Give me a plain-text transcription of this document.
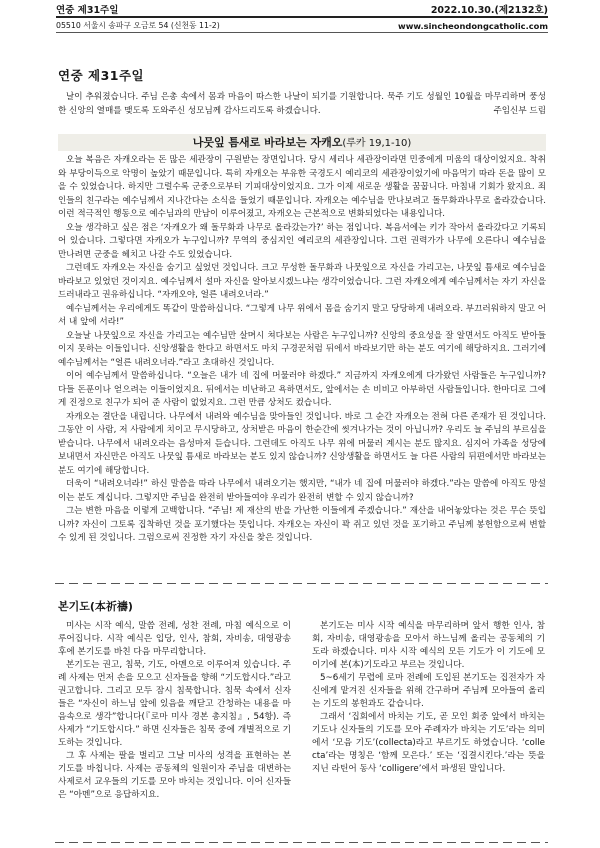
연중 제31주일	2022.10.30.(제2132호)
05510 서울시 송파구 오금로 54 (신천동 11-2)	www.sincheondongcatholic.com
연중 제31주일

날이 추워졌습니다. 주님 은총 속에서 몸과 마음이 따스한 나날이 되기를 기원합니다. 묵주 기도 성월인 10월을 마무리하며 풍성한 신앙의 열매를 맺도록 도와주신 성모님께 감사드리도록 하겠습니다.	주임신부 드림

나뭇잎 틈새로 바라보는 자캐오(루카 19,1-10)

오늘 복음은 자캐오라는 돈 많은 세관장이 구원받는 장면입니다. 당시 세리나 세관장이라면 민중에게 미움의 대상이었지요. 착취와 부당이득으로 악명이 높았기 때문입니다. 특히 자캐오는 부유한 국경도시 예리코의 세관장이었기에 마음먹기 따라 돈을 많이 모을 수 있었습니다. 하지만 그럴수록 군중으로부터 기피대상이었지요. 그가 이제 새로운 생활을 꿈꿉니다. 마침내 기회가 왔지요. 죄인들의 친구라는 예수님께서 지나간다는 소식을 들었기 때문입니다. 자캐오는 예수님을 만나보려고 돌무화과나무로 올라갔습니다. 이런 적극적인 행동으로 예수님과의 만남이 이루어졌고, 자캐오는 근본적으로 변화되었다는 내용입니다.

오늘 생각하고 싶은 점은 ‘자캐오가 왜 돌무화과 나무로 올라갔는가?’ 하는 점입니다. 복음서에는 키가 작아서 올라갔다고 기록되어 있습니다. 그렇다면 자캐오가 누구입니까? 무역의 중심지인 예리코의 세관장입니다. 그런 권력가가 나무에 오른다니 예수님을 만나려면 군중을 헤치고 나갈 수도 있었습니다.

그런데도 자캐오는 자신을 숨기고 싶었던 것입니다. 크고 무성한 돌무화과 나뭇잎으로 자신을 가리고는, 나뭇잎 틈새로 예수님을 바라보고 있었던 것이지요. 예수님께서 설마 자신을 알아보시겠느냐는 생각이었습니다. 그런 자캐오에게 예수님께서는 자기 자신을 드러내라고 권유하십니다. “자캐오야, 얼른 내려오너라.”

예수님께서는 우리에게도 똑같이 말씀하십니다. “그렇게 나무 위에서 몸을 숨기지 말고 당당하게 내려오라. 부끄러워하지 말고 어서 내 앞에 서라!”

오늘날 나뭇잎으로 자신을 가리고는 예수님만 살며시 쳐다보는 사람은 누구입니까? 신앙의 중요성을 잘 알면서도 아직도 받아들이지 못하는 이들입니다. 신앙생활을 한다고 하면서도 마치 구경꾼처럼 뒤에서 바라보기만 하는 분도 여기에 해당하지요. 그러기에 예수님께서는 “얼른 내려오너라.”라고 초대하신 것입니다.

이어 예수님께서 말씀하십니다. “오늘은 내가 네 집에 머물러야 하겠다.” 지금까지 자캐오에게 다가왔던 사람들은 누구입니까? 다들 돈푼이나 얻으려는 이들이었지요. 뒤에서는 비난하고 욕하면서도, 앞에서는 손 비비고 아부하던 사람들입니다. 한마디로 그에게 진정으로 친구가 되어 준 사람이 없었지요. 그런 만큼 상처도 컸습니다.

자캐오는 결단을 내립니다. 나무에서 내려와 예수님을 맞아들인 것입니다. 바로 그 순간 자캐오는 전혀 다른 존재가 된 것입니다. 그동안 이 사람, 저 사람에게 치이고 무시당하고, 상처받은 마음이 한순간에 씻겨나가는 것이 아닙니까? 우리도 늘 주님의 부르심을 받습니다. 나무에서 내려오라는 음성마저 듣습니다. 그런데도 아직도 나무 위에 머물러 계시는 분도 많지요. 심지어 가족을 성당에 보내면서 자신만은 아직도 나뭇잎 틈새로 바라보는 분도 있지 않습니까? 신앙생활을 하면서도 늘 다른 사람의 뒤편에서만 바라보는 분도 여기에 해당합니다.

더욱이 “내려오너라!” 하신 말씀을 따라 나무에서 내려오기는 했지만, “내가 네 집에 머물러야 하겠다.”라는 말씀에 아직도 망설이는 분도 계십니다. 그렇지만 주님을 완전히 받아들여야 우리가 완전히 변할 수 있지 않습니까?

그는 변한 마음을 이렇게 고백합니다. “주님! 제 재산의 반을 가난한 이들에게 주겠습니다.” 재산을 내어놓았다는 것은 무슨 뜻입니까? 자신이 그토록 집착하던 것을 포기했다는 뜻입니다. 자캐오는 자신이 꽉 쥐고 있던 것을 포기하고 주님께 봉헌함으로써 변할 수 있게 된 것입니다. 그럼으로써 진정한 자기 자신을 찾은 것입니다.

본기도(本祈禱)

미사는 시작 예식, 말씀 전례, 성찬 전례, 마침 예식으로 이루어집니다. 시작 예식은 입당, 인사, 참회, 자비송, 대영광송 후에 본기도를 바친 다음 마무리합니다.

본기도는 권고, 침묵, 기도, 아멘으로 이루어져 있습니다. 주례 사제는 먼저 손을 모으고 신자들을 향해 “기도합시다.”라고 권고합니다. 그리고 모두 잠시 침묵합니다. 침묵 속에서 신자들은 “자신이 하느님 앞에 있음을 깨닫고 간청하는 내용을 마음속으로 생각”합니다(『로마 미사 경본 총지침』, 54항). 즉 사제가 “기도합시다.” 하면 신자들은 침묵 중에 개별적으로 기도하는 것입니다.

그 후 사제는 팔을 벌리고 그날 미사의 성격을 표현하는 본기도를 바칩니다. 사제는 공동체의 일원이자 주님을 대변하는 사제로서 교우들의 기도를 모아 바치는 것입니다. 이어 신자들은 “아멘”으로 응답하지요.

본기도는 미사 시작 예식을 마무리하며 앞서 행한 인사, 참회, 자비송, 대영광송을 모아서 하느님께 올리는 공동체의 기도라 하겠습니다. 미사 시작 예식의 모든 기도가 이 기도에 모이기에 본(本)기도라고 부르는 것입니다.

5~6세기 무렵에 로마 전례에 도입된 본기도는 집전자가 자신에게 맡겨진 신자들을 위해 간구하며 주님께 모아들여 올리는 기도의 봉헌과도 같습니다.

그래서 ‘집회에서 바치는 기도, 곧 모인 회중 앞에서 바치는 기도나 신자들의 기도를 모아 주례자가 바치는 기도’라는 의미에서 ‘모음 기도’(collecta)라고 부르기도 하였습니다. ‘collecta’라는 명칭은 ‘함께 모은다.’ 또는 ‘집결시킨다.’라는 뜻을 지닌 라틴어 동사 ‘colligere’에서 파생된 말입니다.
